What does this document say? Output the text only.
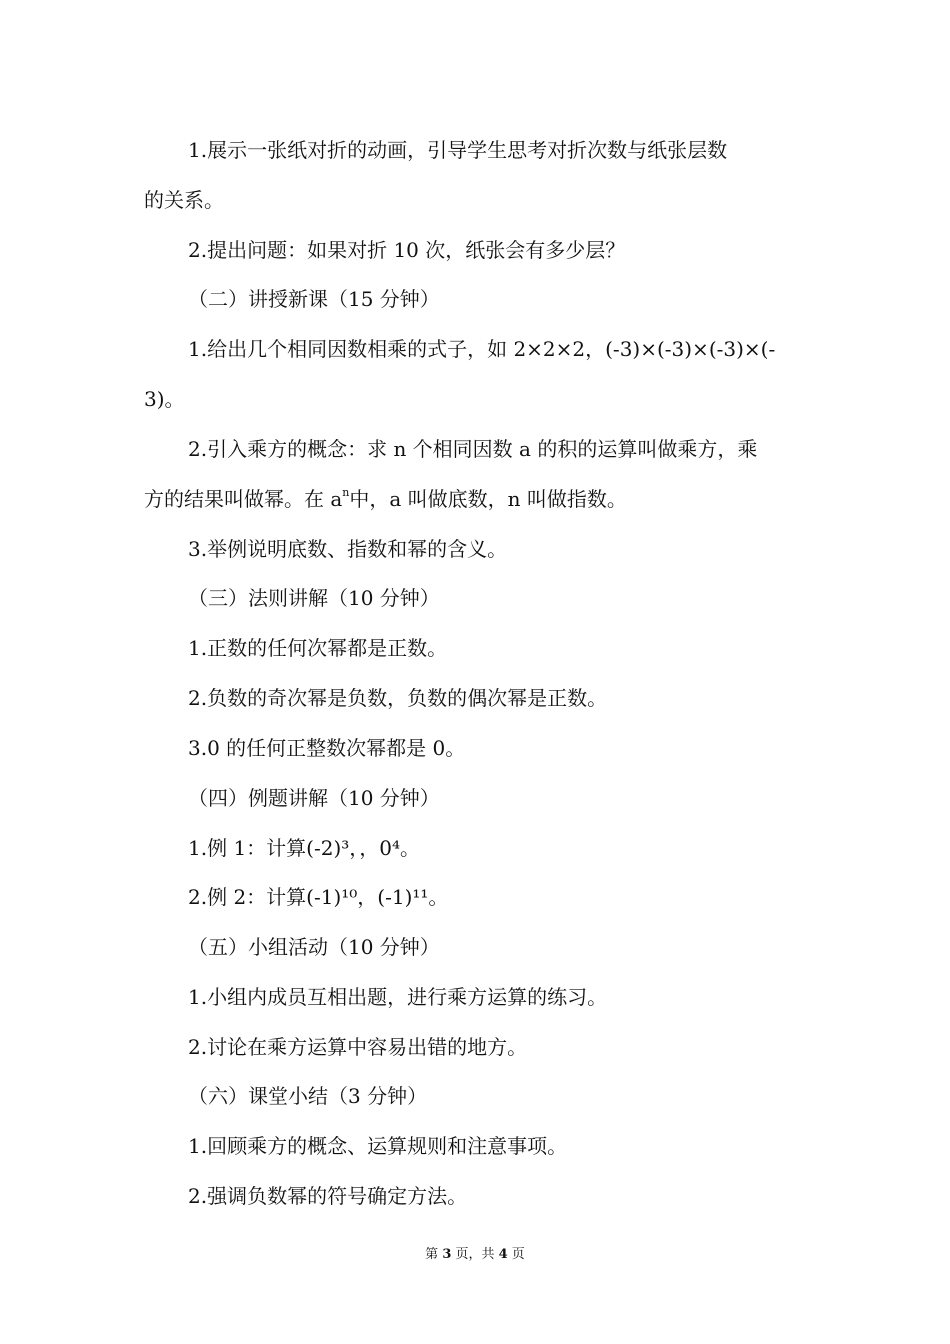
1.展示一张纸对折的动画，引导学生思考对折次数与纸张层数
的关系。
2.提出问题：如果对折 10 次，纸张会有多少层？
（二）讲授新课（15 分钟）
1.给出几个相同因数相乘的式子，如 2×2×2，(-3)×(-3)×(-3)×(-
3)。
2.引入乘方的概念：求 n 个相同因数 a 的积的运算叫做乘方，乘
方的结果叫做幂。在 $a^n$中，a 叫做底数，n 叫做指数。
3.举例说明底数、指数和幂的含义。
（三）法则讲解（10 分钟）
1.正数的任何次幂都是正数。
2.负数的奇次幂是负数，负数的偶次幂是正数。
3.0 的任何正整数次幂都是 0。
（四）例题讲解（10 分钟）
1.例 1：计算(-2)³，，0⁴。
2.例 2：计算(-1)¹⁰，(-1)¹¹。
（五）小组活动（10 分钟）
1.小组内成员互相出题，进行乘方运算的练习。
2.讨论在乘方运算中容易出错的地方。
（六）课堂小结（3 分钟）
1.回顾乘方的概念、运算规则和注意事项。
2.强调负数幂的符号确定方法。
第 3 页，共 4 页
